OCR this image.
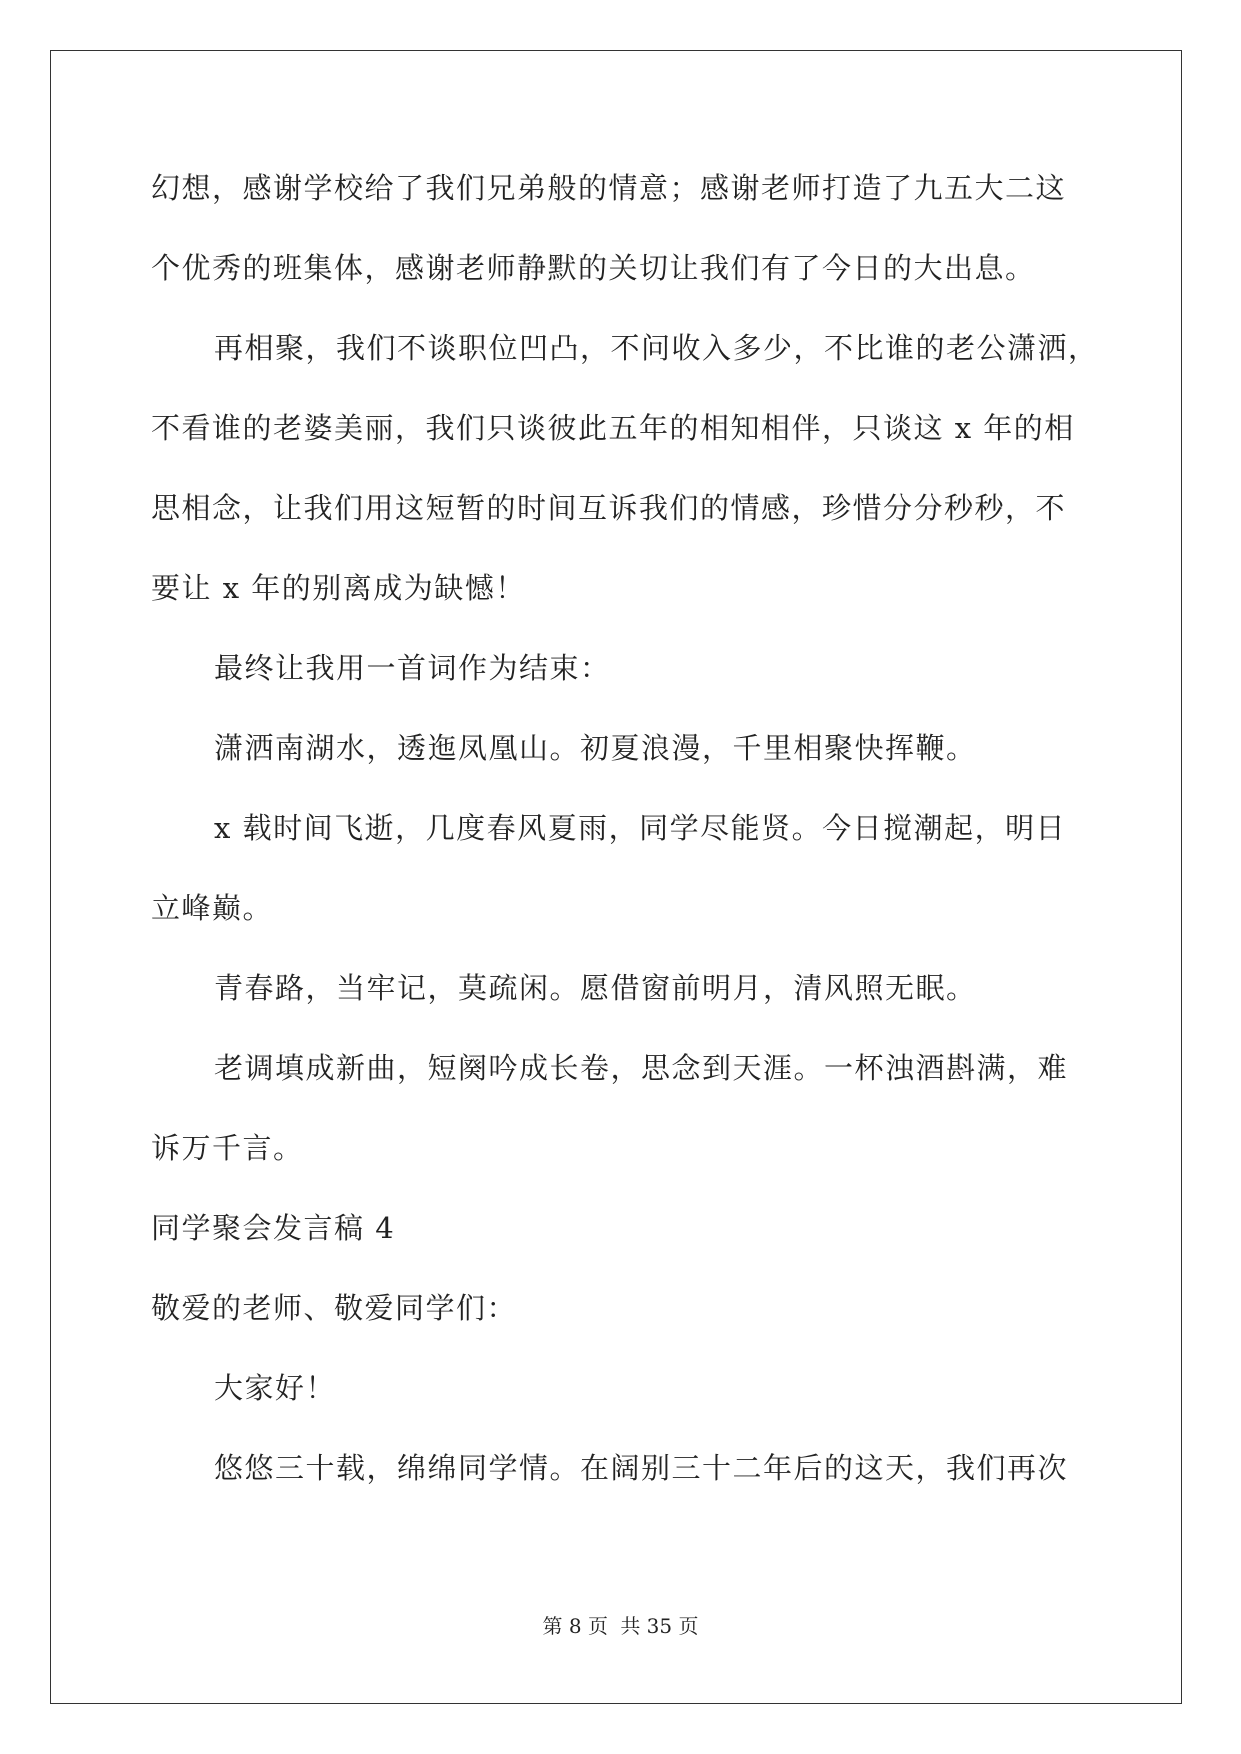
幻想，感谢学校给了我们兄弟般的情意；感谢老师打造了九五大二这
个优秀的班集体，感谢老师静默的关切让我们有了今日的大出息。
再相聚，我们不谈职位凹凸，不问收入多少，不比谁的老公潇洒，
不看谁的老婆美丽，我们只谈彼此五年的相知相伴，只谈这 x 年的相
思相念，让我们用这短暂的时间互诉我们的情感，珍惜分分秒秒，不
要让 x 年的别离成为缺憾！
最终让我用一首词作为结束：
潇洒南湖水，透迤凤凰山。初夏浪漫，千里相聚快挥鞭。
x 载时间飞逝，几度春风夏雨，同学尽能贤。今日搅潮起，明日
立峰巅。
青春路，当牢记，莫疏闲。愿借窗前明月，清风照无眠。
老调填成新曲，短阕吟成长卷，思念到天涯。一杯浊酒斟满，难
诉万千言。
同学聚会发言稿 4
敬爱的老师、敬爱同学们：
大家好！
悠悠三十载，绵绵同学情。在阔别三十二年后的这天，我们再次
第 8 页 共 35 页
